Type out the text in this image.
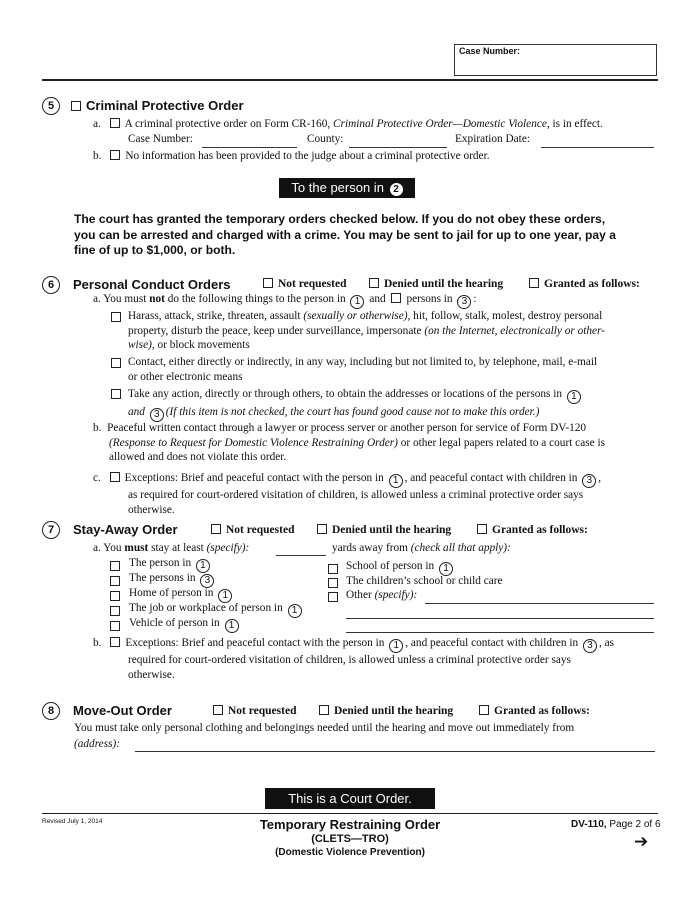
Case Number:
5	Criminal Protective Order
a. A criminal protective order on Form CR-160, Criminal Protective Order—Domestic Violence, is in effect.
Case Number:	County:	Expiration Date:
b. No information has been provided to the judge about a criminal protective order.
To the person in 2
The court has granted the temporary orders checked below. If you do not obey these orders,
you can be arrested and charged with a crime. You may be sent to jail for up to one year, pay a
fine of up to $1,000, or both.
6	Personal Conduct Orders	Not requested	Denied until the hearing	Granted as follows:
a. You must not do the following things to the person in 1 and persons in 3 :
Harass, attack, strike, threaten, assault (sexually or otherwise), hit, follow, stalk, molest, destroy personal
property, disturb the peace, keep under surveillance, impersonate (on the Internet, electronically or other-
wise), or block movements
Contact, either directly or indirectly, in any way, including but not limited to, by telephone, mail, e-mail
or other electronic means
Take any action, directly or through others, to obtain the addresses or locations of the persons in 1
and 3 (If this item is not checked, the court has found good cause not to make this order.)
b. Peaceful written contact through a lawyer or process server or another person for service of Form DV-120
(Response to Request for Domestic Violence Restraining Order) or other legal papers related to a court case is
allowed and does not violate this order.
c. Exceptions: Brief and peaceful contact with the person in 1 , and peaceful contact with children in 3 ,
as required for court-ordered visitation of children, is allowed unless a criminal protective order says
otherwise.
7	Stay-Away Order	Not requested	Denied until the hearing	Granted as follows:
a. You must stay at least (specify):	yards away from (check all that apply):
The person in 1
The persons in 3
Home of person in 1
The job or workplace of person in 1
Vehicle of person in 1
School of person in 1
The children’s school or child care
Other (specify):
b. Exceptions: Brief and peaceful contact with the person in 1 , and peaceful contact with children in 3 , as
required for court-ordered visitation of children, is allowed unless a criminal protective order says
otherwise.
8	Move-Out Order	Not requested	Denied until the hearing	Granted as follows:
You must take only personal clothing and belongings needed until the hearing and move out immediately from
(address):
This is a Court Order.
Revised July 1, 2014	Temporary Restraining Order
(CLETS—TRO)
(Domestic Violence Prevention)
DV-110, Page 2 of 6
➔
